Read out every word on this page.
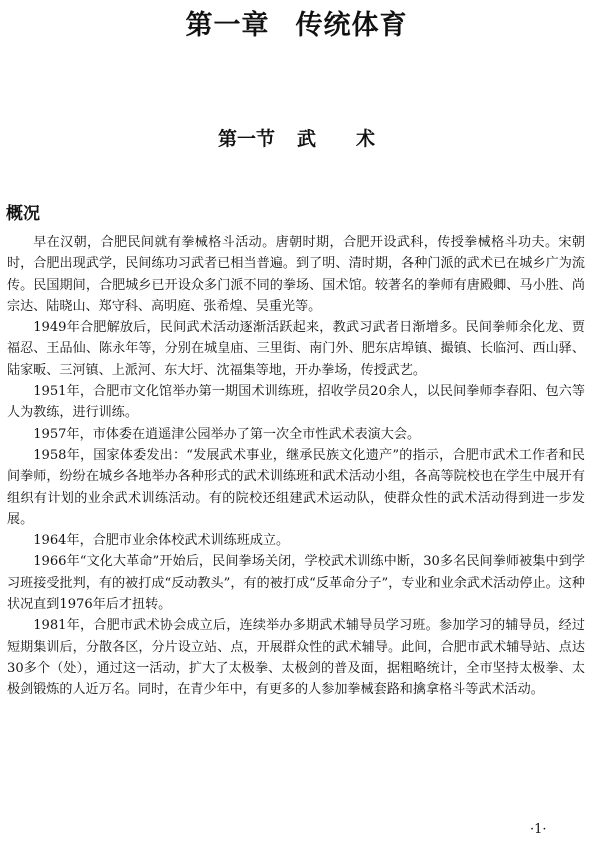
第一章 传统体育
第一节 武 术
概况

早在汉朝，合肥民间就有拳械格斗活动。唐朝时期，合肥开设武科，传授拳械格斗功夫。宋朝时，合肥出现武学，民间练功习武者已相当普遍。到了明、清时期，各种门派的武术已在城乡广为流传。民国期间，合肥城乡已开设众多门派不同的拳场、国术馆。较著名的拳师有唐殿卿、马小胜、尚宗达、陆晓山、郑守科、高明庭、张希煌、吴重光等。

1949年合肥解放后，民间武术活动逐渐活跃起来，教武习武者日渐增多。民间拳师余化龙、贾福忍、王品仙、陈永年等，分别在城皇庙、三里街、南门外、肥东店埠镇、撮镇、长临河、西山驿、陆家畈、三河镇、上派河、东大圩、沈福集等地，开办拳场，传授武艺。

1951年，合肥市文化馆举办第一期国术训练班，招收学员20余人，以民间拳师李春阳、包六等人为教练，进行训练。

1957年，市体委在逍遥津公园举办了第一次全市性武术表演大会。

1958年，国家体委发出：“发展武术事业，继承民族文化遗产”的指示，合肥市武术工作者和民间拳师，纷纷在城乡各地举办各种形式的武术训练班和武术活动小组，各高等院校也在学生中展开有组织有计划的业余武术训练活动。有的院校还组建武术运动队，使群众性的武术活动得到进一步发展。

1964年，合肥市业余体校武术训练班成立。

1966年“文化大革命”开始后，民间拳场关闭，学校武术训练中断，30多名民间拳师被集中到学习班接受批判，有的被打成“反动教头”，有的被打成“反革命分子”，专业和业余武术活动停止。这种状况直到1976年后才扭转。

1981年，合肥市武术协会成立后，连续举办多期武术辅导员学习班。参加学习的辅导员，经过短期集训后，分散各区，分片设立站、点，开展群众性的武术辅导。此间，合肥市武术辅导站、点达30多个（处），通过这一活动，扩大了太极拳、太极剑的普及面，据粗略统计，全市坚持太极拳、太极剑锻炼的人近万名。同时，在青少年中，有更多的人参加拳械套路和擒拿格斗等武术活动。

·1·
